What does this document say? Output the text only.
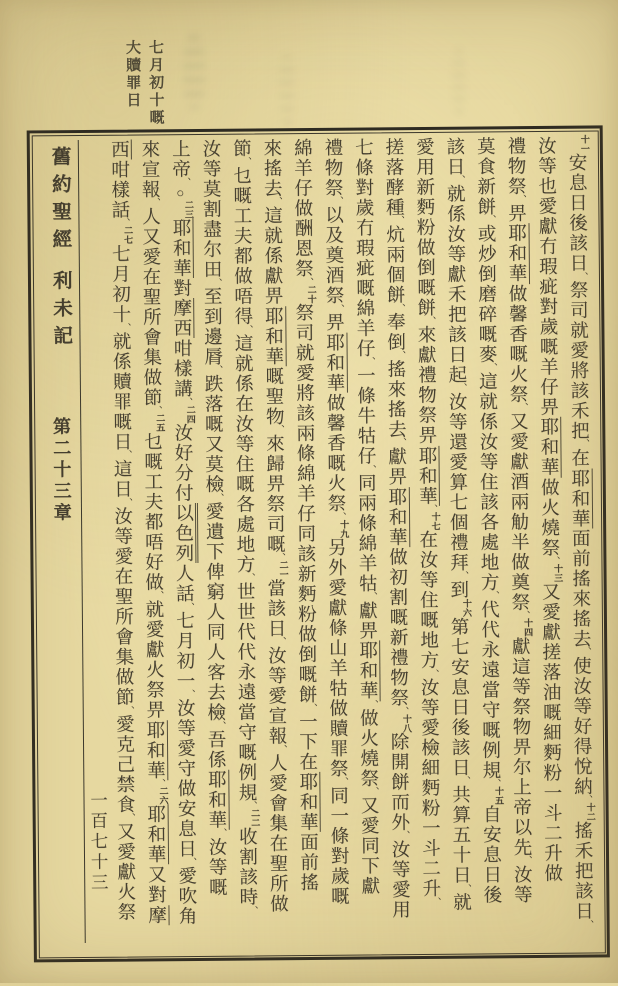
七月初十嘅
大贖罪日
十一安息日後該日、祭司就愛將該禾把、在耶和華面前搖來搖去、使汝等好得悅納、十二搖禾把該日、
汝等也愛獻冇瑕疵對歲嘅羊仔畀耶和華做火燒祭、十三又愛獻搓落油嘅細麪粉一斗二升做
禮物祭、畀耶和華做馨香嘅火祭、又愛獻酒兩觔半做奠祭、十四獻這等祭物畀尔上帝以先、汝等
莫食新餅、或炒倒磨碎嘅麥、這就係汝等住該各處地方、代代永遠當守嘅例規、十五自安息日後
該日、就係汝等獻禾把該日起、汝等還愛算七個禮拜、到十六第七安息日後該日、共算五十日、就
愛用新麪粉做倒嘅餅、來獻禮物祭畀耶和華、十七在汝等住嘅地方、汝等愛檢細麪粉一斗二升、
搓落酵種、炕兩個餅、奉倒、搖來搖去、獻畀耶和華做初割嘅新禮物祭、十八除開餅而外、汝等愛用
七條對歲冇瑕疵嘅綿羊仔、一條牛牯仔、同兩條綿羊牯、獻畀耶和華、做火燒祭、又愛同下獻
禮物祭、以及奠酒祭、畀耶和華做馨香嘅火祭、十九另外愛獻條山羊牯做贖罪祭、同一條對歲嘅
綿羊仔做酬恩祭、二十祭司就愛將該兩條綿羊仔同該新麪粉做倒嘅餅、一下在耶和華面前搖
來搖去、這就係獻畀耶和華嘅聖物、來歸畀祭司嘅、二一當該日、汝等愛宣報、人愛會集在聖所做
節、乜嘅工夫都做唔得、這就係在汝等住嘅各處地方、世世代代永遠當守嘅例規、二二收割該時、
汝等莫割盡尔田、至到邊脣、跌落嘅又莫檢、愛遺下俾窮人同人客去檢、吾係耶和華、汝等嘅
上帝、○二三耶和華對摩西咁樣講、二四汝好分付以色列人話、七月初一、汝等愛守做安息日、愛吹角
來宣報、人又愛在聖所會集做節、二五乜嘅工夫都唔好做、就愛獻火祭畀耶和華、二六耶和華又對摩
西咁樣話、二七七月初十、就係贖罪嘅日、這日、汝等愛在聖所會集做節、愛克己禁食、又愛獻火祭
一百七十三
舊約聖經利未記第二十三章
